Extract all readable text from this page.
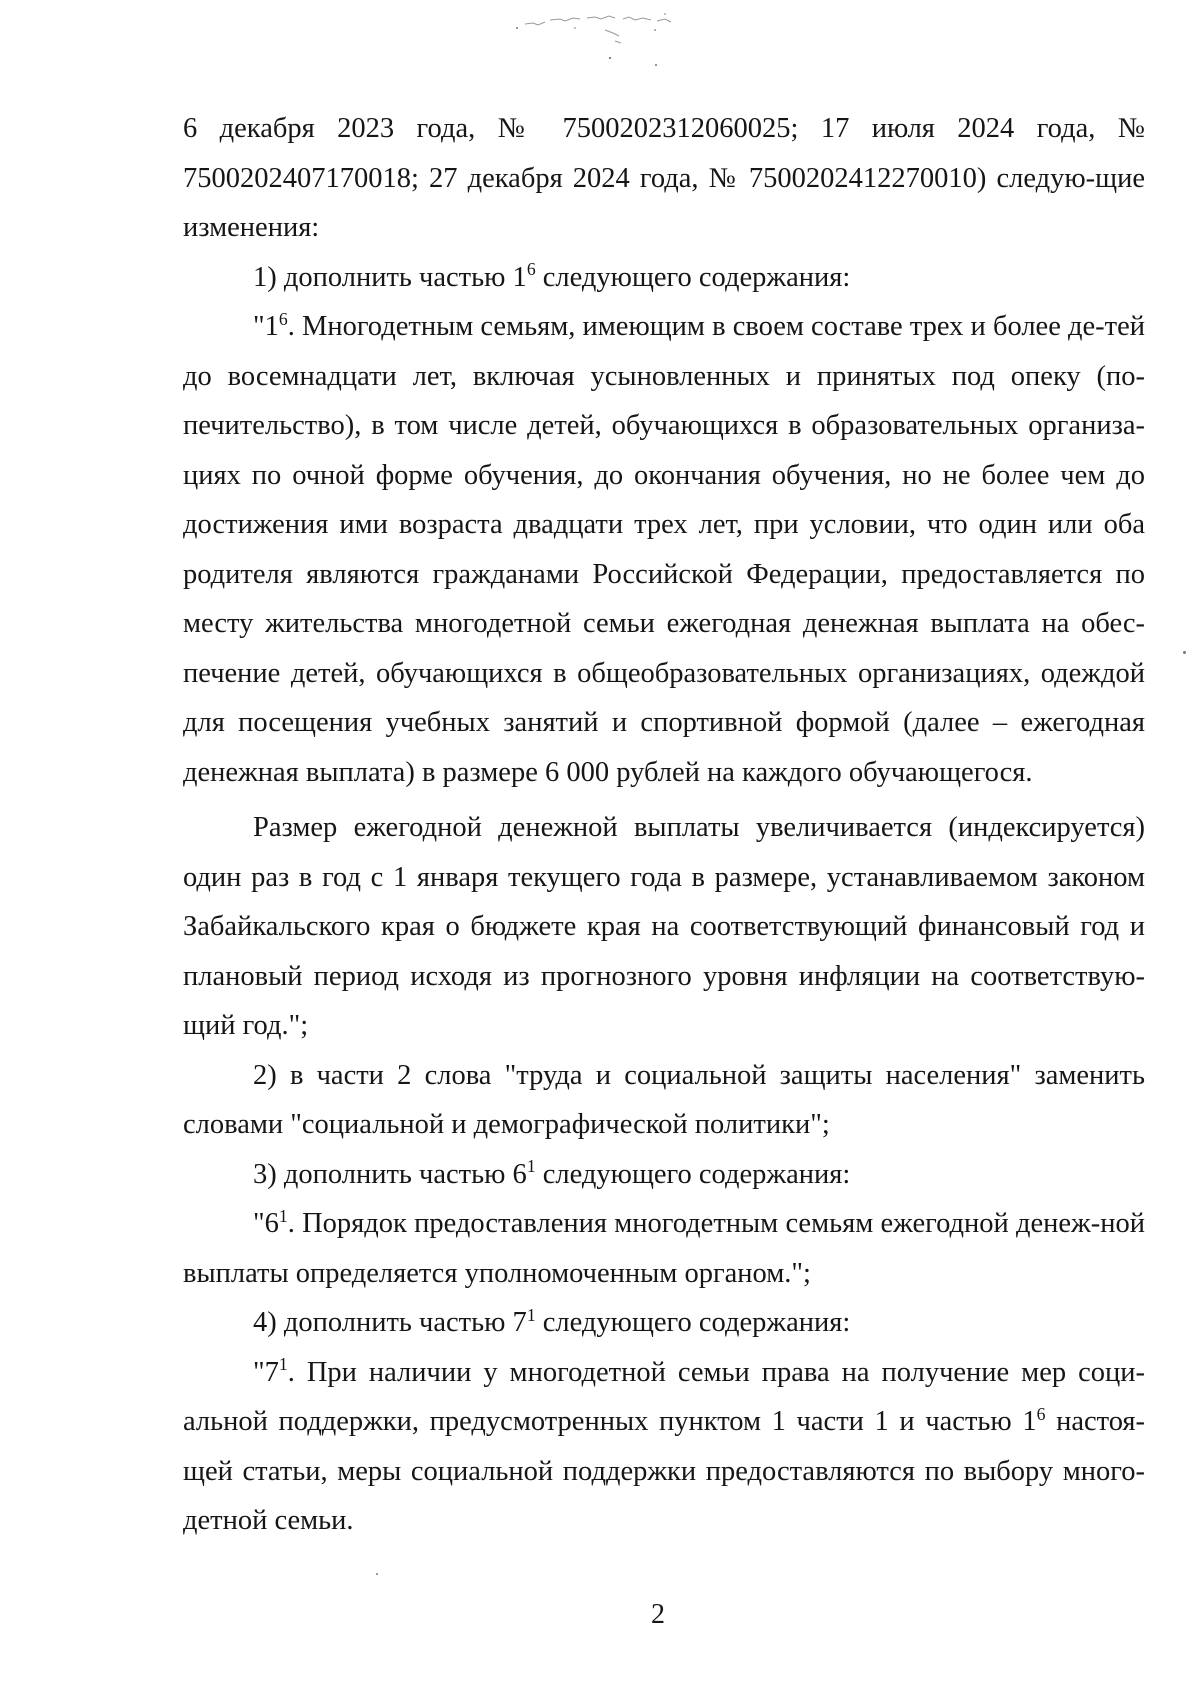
6 декабря 2023 года, № 7500202312060025; 17 июля 2024 года, № 7500202407170018; 27 декабря 2024 года, № 7500202412270010) следую-щие изменения:

1) дополнить частью $1^6$ следующего содержания:

"$1^6$. Многодетным семьям, имеющим в своем составе трех и более де-тей до восемнадцати лет, включая усыновленных и принятых под опеку (по-печительство), в том числе детей, обучающихся в образовательных организа-циях по очной форме обучения, до окончания обучения, но не более чем до достижения ими возраста двадцати трех лет, при условии, что один или оба родителя являются гражданами Российской Федерации, предоставляется по месту жительства многодетной семьи ежегодная денежная выплата на обес-печение детей, обучающихся в общеобразовательных организациях, одеждой для посещения учебных занятий и спортивной формой (далее – ежегодная денежная выплата) в размере 6 000 рублей на каждого обучающегося.

Размер ежегодной денежной выплаты увеличивается (индексируется) один раз в год с 1 января текущего года в размере, устанавливаемом законом Забайкальского края о бюджете края на соответствующий финансовый год и плановый период исходя из прогнозного уровня инфляции на соответствую-щий год.";

2) в части 2 слова "труда и социальной защиты населения" заменить словами "социальной и демографической политики";

3) дополнить частью $6^1$ следующего содержания:

"$6^1$. Порядок предоставления многодетным семьям ежегодной денеж-ной выплаты определяется уполномоченным органом.";

4) дополнить частью $7^1$ следующего содержания:

"$7^1$. При наличии у многодетной семьи права на получение мер соци-альной поддержки, предусмотренных пунктом 1 части 1 и частью $1^6$ настоя-щей статьи, меры социальной поддержки предоставляются по выбору много-детной семьи.

2
